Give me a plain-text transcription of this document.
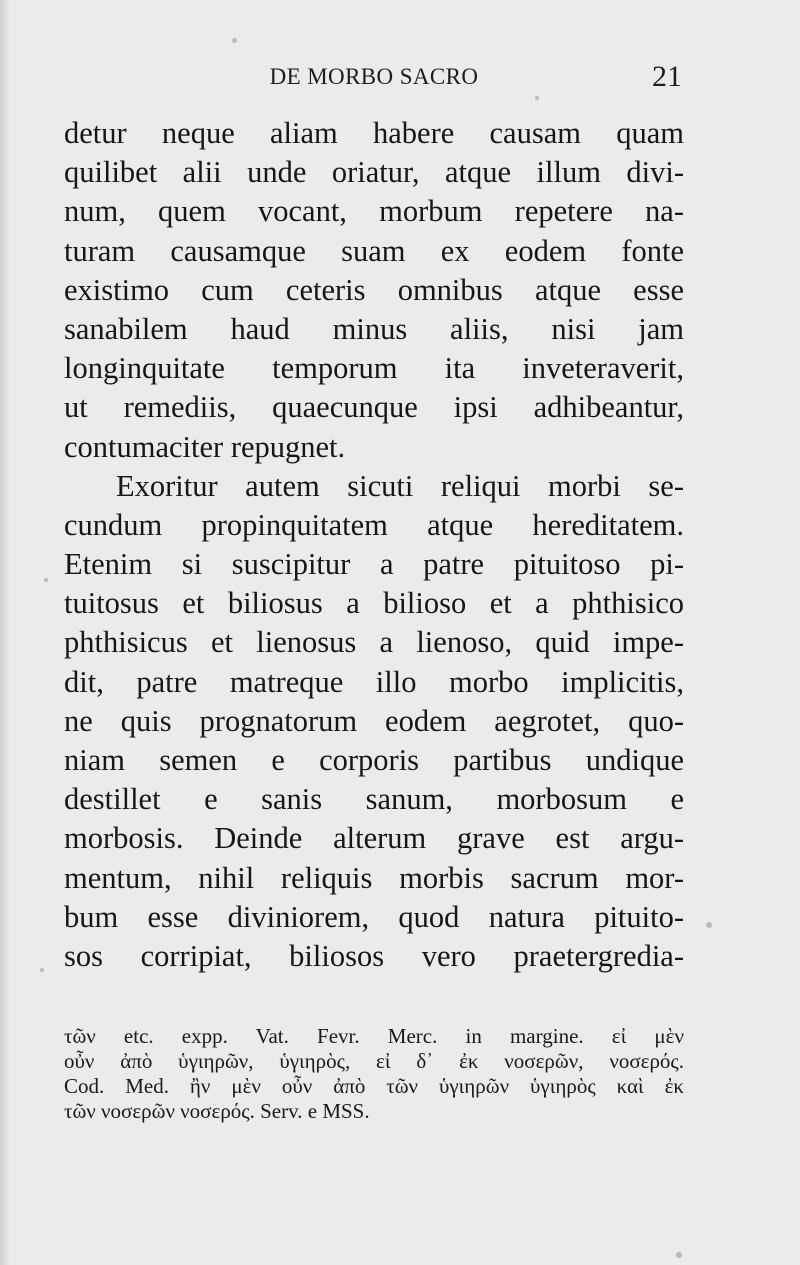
DE MORBO SACRO	21
detur neque aliam habere causam quam
quilibet alii unde oriatur, atque illum divi-
num, quem vocant, morbum repetere na-
turam causamque suam ex eodem fonte
existimo cum ceteris omnibus atque esse
sanabilem haud minus aliis, nisi jam
longinquitate temporum ita inveteraverit,
ut remediis, quaecunque ipsi adhibeantur,
contumaciter repugnet.
Exoritur autem sicuti reliqui morbi se-
cundum propinquitatem atque hereditatem.
Etenim si suscipitur a patre pituitoso pi-
tuitosus et biliosus a bilioso et a phthisico
phthisicus et lienosus a lienoso, quid impe-
dit, patre matreque illo morbo implicitis,
ne quis prognatorum eodem aegrotet, quo-
niam semen e corporis partibus undique
destillet e sanis sanum, morbosum e
morbosis. Deinde alterum grave est argu-
mentum, nihil reliquis morbis sacrum mor-
bum esse diviniorem, quod natura pituito-
sos corripiat, biliosos vero praetergredia-
τῶν etc. expp. Vat. Fevr. Merc. in margine. εἰ μὲν
οὖν ἀπὸ ὑγιηρῶν, ὑγιηρὸς, εἰ δ᾽ ἐκ νοσερῶν, νοσερός.
Cod. Med. ἢν μὲν οὖν ἀπὸ τῶν ὑγιηρῶν ὑγιηρὸς καὶ ἐκ
τῶν νοσερῶν νοσερός. Serv. e MSS.
